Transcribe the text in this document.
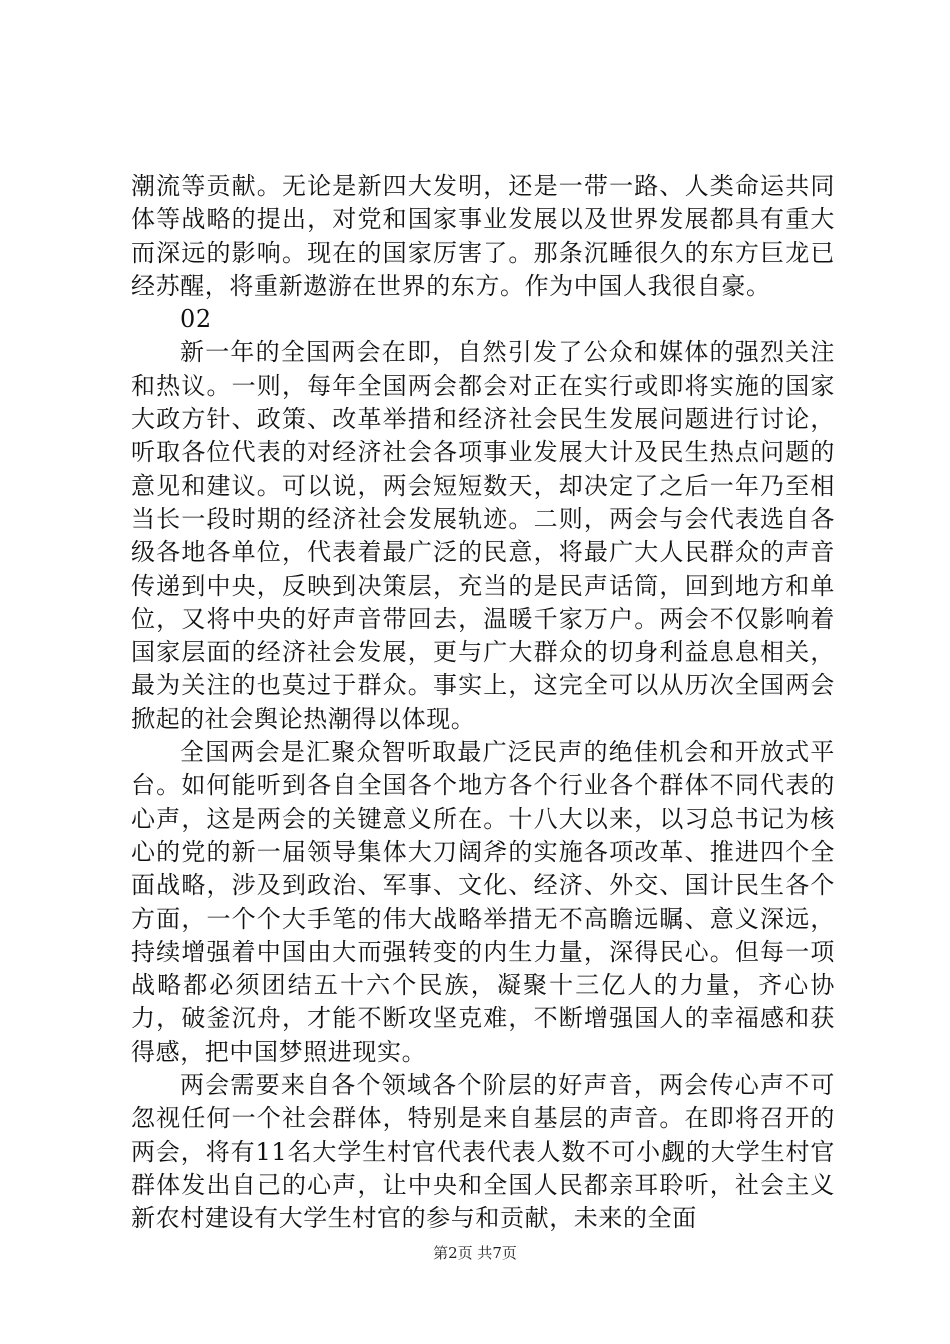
潮流等贡献。无论是新四大发明，还是一带一路、人类命运共同体等战略的提出，对党和国家事业发展以及世界发展都具有重大而深远的影响。现在的国家厉害了。那条沉睡很久的东方巨龙已经苏醒，将重新遨游在世界的东方。作为中国人我很自豪。

02

新一年的全国两会在即，自然引发了公众和媒体的强烈关注和热议。一则，每年全国两会都会对正在实行或即将实施的国家大政方针、政策、改革举措和经济社会民生发展问题进行讨论，听取各位代表的对经济社会各项事业发展大计及民生热点问题的意见和建议。可以说，两会短短数天，却决定了之后一年乃至相当长一段时期的经济社会发展轨迹。二则，两会与会代表选自各级各地各单位，代表着最广泛的民意，将最广大人民群众的声音传递到中央，反映到决策层，充当的是民声话筒，回到地方和单位，又将中央的好声音带回去，温暖千家万户。两会不仅影响着国家层面的经济社会发展，更与广大群众的切身利益息息相关，最为关注的也莫过于群众。事实上，这完全可以从历次全国两会掀起的社会舆论热潮得以体现。

全国两会是汇聚众智听取最广泛民声的绝佳机会和开放式平台。如何能听到各自全国各个地方各个行业各个群体不同代表的心声，这是两会的关键意义所在。十八大以来，以习总书记为核心的党的新一届领导集体大刀阔斧的实施各项改革、推进四个全面战略，涉及到政治、军事、文化、经济、外交、国计民生各个方面，一个个大手笔的伟大战略举措无不高瞻远瞩、意义深远，持续增强着中国由大而强转变的内生力量，深得民心。但每一项战略都必须团结五十六个民族，凝聚十三亿人的力量，齐心协力，破釜沉舟，才能不断攻坚克难，不断增强国人的幸福感和获得感，把中国梦照进现实。

两会需要来自各个领域各个阶层的好声音，两会传心声不可忽视任何一个社会群体，特别是来自基层的声音。在即将召开的两会，将有11名大学生村官代表代表人数不可小觑的大学生村官群体发出自己的心声，让中央和全国人民都亲耳聆听，社会主义新农村建设有大学生村官的参与和贡献，未来的全面

第2页 共7页
